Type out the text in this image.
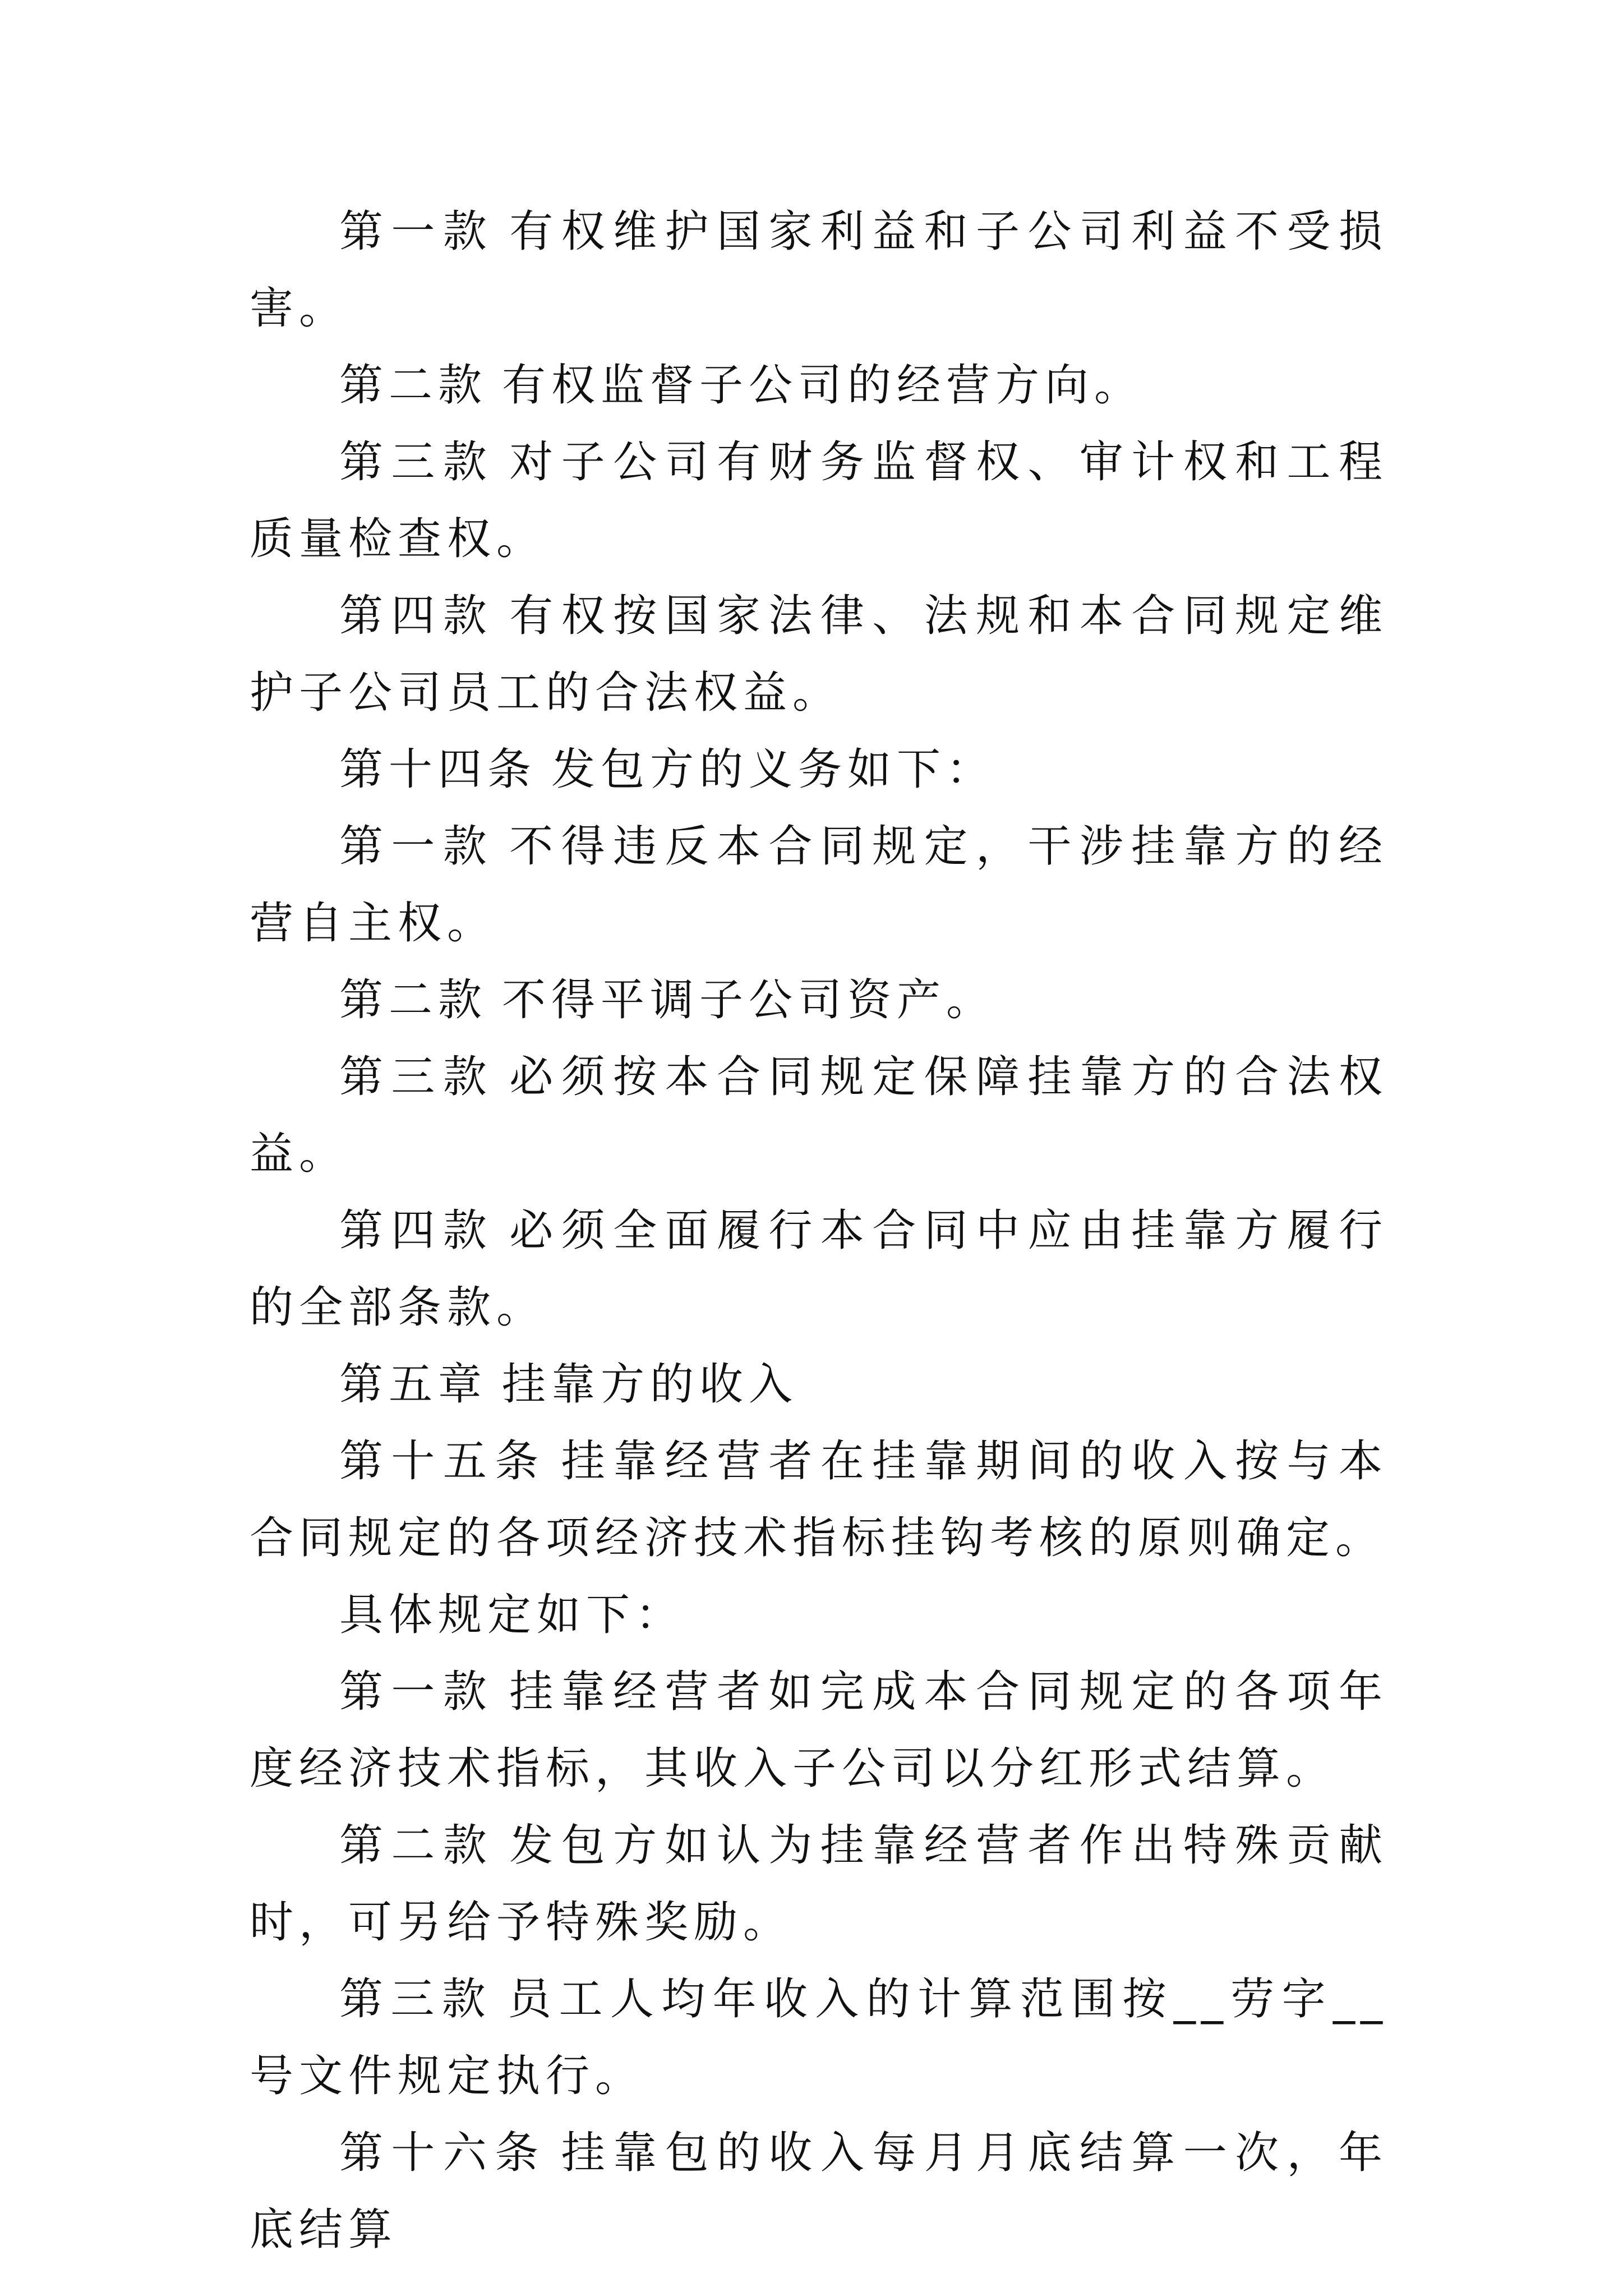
第一款 有权维护国家利益和子公司利益不受损害。

第二款 有权监督子公司的经营方向。

第三款 对子公司有财务监督权、审计权和工程质量检查权。

第四款 有权按国家法律、法规和本合同规定维护子公司员工的合法权益。

第十四条 发包方的义务如下：

第一款 不得违反本合同规定，干涉挂靠方的经营自主权。

第二款 不得平调子公司资产。

第三款 必须按本合同规定保障挂靠方的合法权益。

第四款 必须全面履行本合同中应由挂靠方履行的全部条款。

第五章 挂靠方的收入

第十五条 挂靠经营者在挂靠期间的收入按与本合同规定的各项经济技术指标挂钩考核的原则确定。

具体规定如下：

第一款 挂靠经营者如完成本合同规定的各项年度经济技术指标，其收入子公司以分红形式结算。

第二款 发包方如认为挂靠经营者作出特殊贡献时，可另给予特殊奖励。

第三款 员工人均年收入的计算范围按__劳字__号文件规定执行。

第十六条 挂靠包的收入每月月底结算一次，年底结算
